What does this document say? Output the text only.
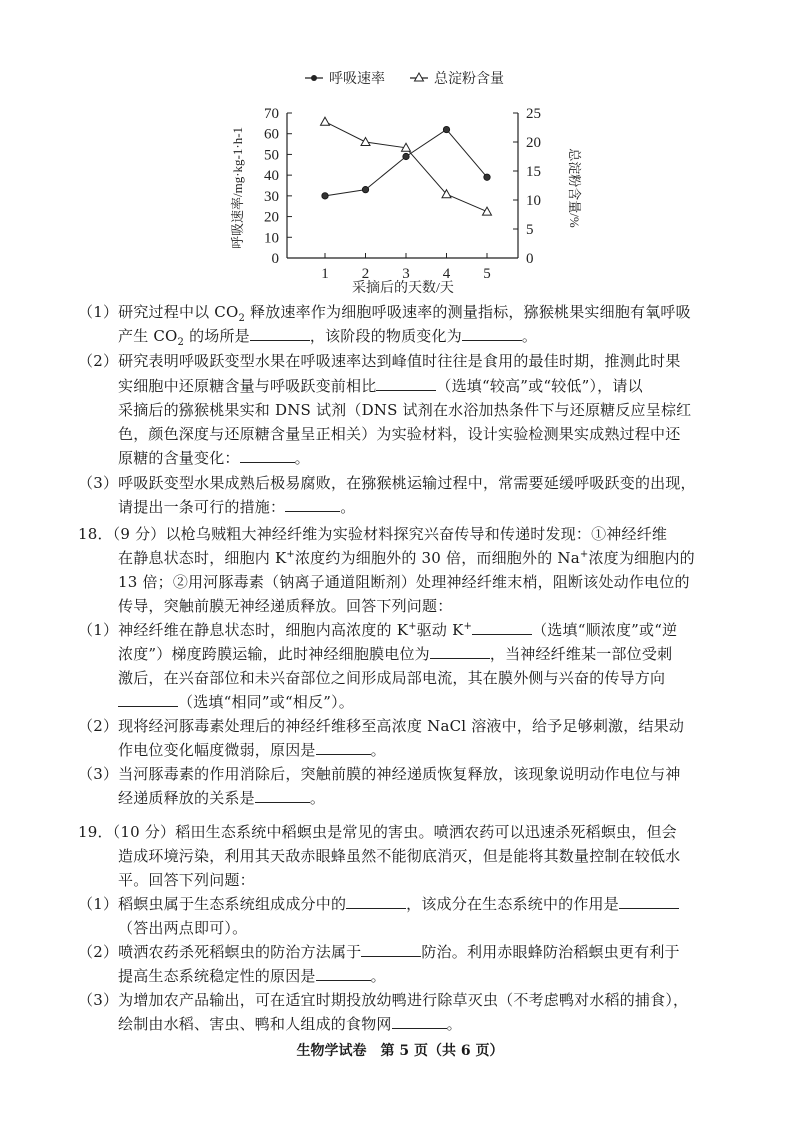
呼吸速率	总淀粉含量
0
10
20
30
40
50
60
70
0
5
10
15
20
25
1 2 3 4 5
呼吸速率/mg·kg-1·h-1	总淀粉含量/%
采摘后的天数/天
（1）研究过程中以 $CO_2$ 释放速率作为细胞呼吸速率的测量指标，猕猴桃果实细胞有氧呼吸
产生 $CO_2$ 的场所是	，该阶段的物质变化为	。
（2）研究表明呼吸跃变型水果在呼吸速率达到峰值时往往是食用的最佳时期，推测此时果
实细胞中还原糖含量与呼吸跃变前相比	（选填“较高”或“较低”），请以
采摘后的猕猴桃果实和 DNS 试剂（DNS 试剂在水浴加热条件下与还原糖反应呈棕红
色，颜色深度与还原糖含量呈正相关）为实验材料，设计实验检测果实成熟过程中还
原糖的含量变化：	。
（3）呼吸跃变型水果成熟后极易腐败，在猕猴桃运输过程中，常需要延缓呼吸跃变的出现，
请提出一条可行的措施：	。
18．（9 分）以枪乌贼粗大神经纤维为实验材料探究兴奋传导和传递时发现：①神经纤维
在静息状态时，细胞内 K+浓度约为细胞外的 30 倍，而细胞外的 Na+浓度为细胞内的
13 倍；②用河豚毒素（钠离子通道阻断剂）处理神经纤维末梢，阻断该处动作电位的
传导，突触前膜无神经递质释放。回答下列问题：
（1）神经纤维在静息状态时，细胞内高浓度的 K+驱动 K+	（选填“顺浓度”或“逆
浓度”）梯度跨膜运输，此时神经细胞膜电位为	，当神经纤维某一部位受刺
激后，在兴奋部位和未兴奋部位之间形成局部电流，其在膜外侧与兴奋的传导方向
（选填“相同”或“相反”）。
（2）现将经河豚毒素处理后的神经纤维移至高浓度 NaCl 溶液中，给予足够刺激，结果动
作电位变化幅度微弱，原因是	。
（3）当河豚毒素的作用消除后，突触前膜的神经递质恢复释放，该现象说明动作电位与神
经递质释放的关系是	。
19．（10 分）稻田生态系统中稻螟虫是常见的害虫。喷洒农药可以迅速杀死稻螟虫，但会
造成环境污染，利用其天敌赤眼蜂虽然不能彻底消灭，但是能将其数量控制在较低水
平。回答下列问题：
（1）稻螟虫属于生态系统组成成分中的	，该成分在生态系统中的作用是
（答出两点即可）。
（2）喷洒农药杀死稻螟虫的防治方法属于	防治。利用赤眼蜂防治稻螟虫更有利于
提高生态系统稳定性的原因是	。
（3）为增加农产品输出，可在适宜时期投放幼鸭进行除草灭虫（不考虑鸭对水稻的捕食），
绘制由水稻、害虫、鸭和人组成的食物网	。
生物学试卷　第 5 页（共 6 页）
